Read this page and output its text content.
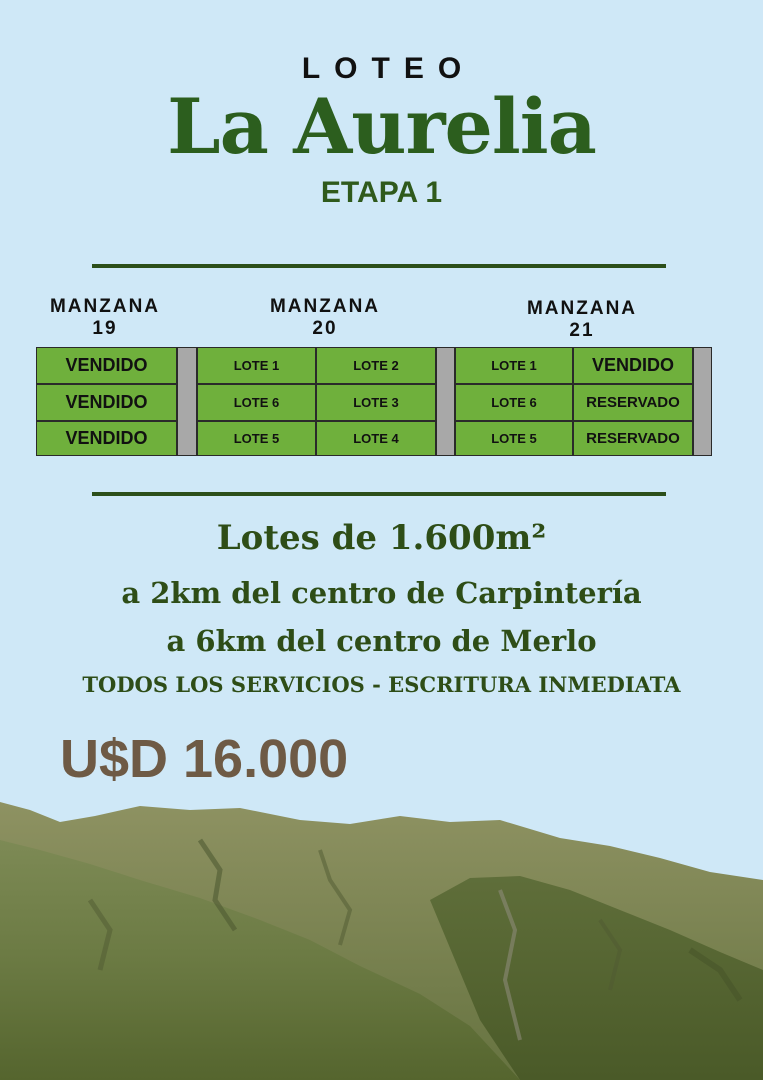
LOTEO
La Aurelia
ETAPA 1
MANZANA
19
MANZANA
20
MANZANA
21
VENDIDO
VENDIDO
VENDIDO
LOTE 1
LOTE 6
LOTE 5
LOTE 2
LOTE 3
LOTE 4
LOTE 1
LOTE 6
LOTE 5
VENDIDO
RESERVADO
RESERVADO
Lotes de 1.600m²
a 2km del centro de Carpintería
a 6km del centro de Merlo
TODOS LOS SERVICIOS - ESCRITURA INMEDIATA
U$D 16.000
